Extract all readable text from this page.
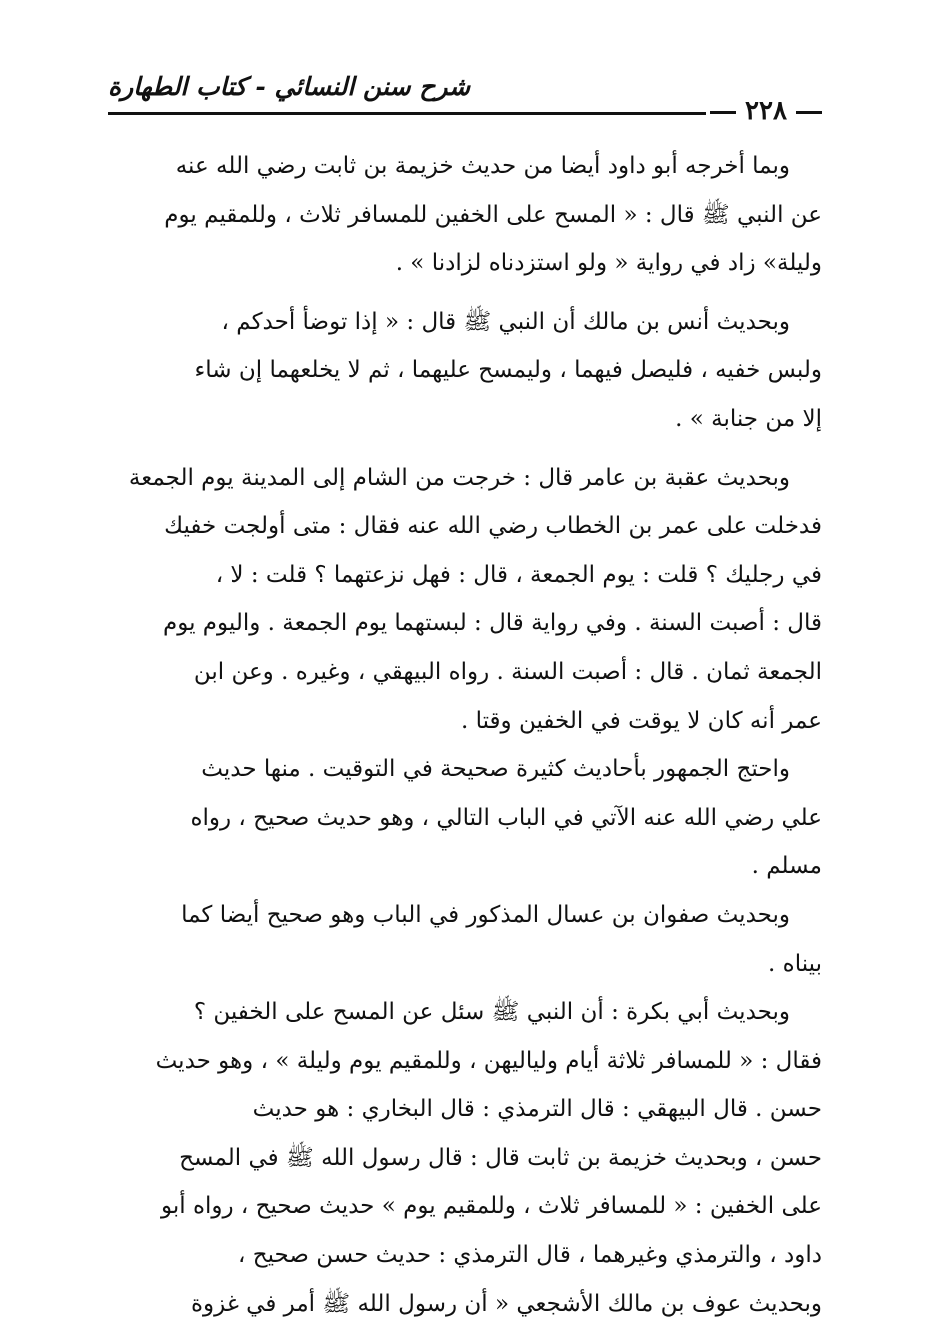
شرح سنن النسائي - كتاب الطهارة
٢٢٨

وبما أخرجه أبو داود أيضا من حديث خزيمة بن ثابت رضي الله عنه
عن النبي ﷺ قال : « المسح على الخفين للمسافر ثلاث ، وللمقيم يوم
وليلة» زاد في رواية « ولو استزدناه لزادنا » .

وبحديث أنس بن مالك أن النبي ﷺ قال : « إذا توضأ أحدكم ،
ولبس خفيه ، فليصل فيهما ، وليمسح عليهما ، ثم لا يخلعهما إن شاء
إلا من جنابة » .

وبحديث عقبة بن عامر قال : خرجت من الشام إلى المدينة يوم الجمعة
فدخلت على عمر بن الخطاب رضي الله عنه فقال : متى أولجت خفيك
في رجليك ؟ قلت : يوم الجمعة ، قال : فهل نزعتهما ؟ قلت : لا ،
قال : أصبت السنة . وفي رواية قال : لبستهما يوم الجمعة . واليوم يوم
الجمعة ثمان . قال : أصبت السنة . رواه البيهقي ، وغيره . وعن ابن
عمر أنه كان لا يوقت في الخفين وقتا .

واحتج الجمهور بأحاديث كثيرة صحيحة في التوقيت . منها حديث
علي رضي الله عنه الآتي في الباب التالي ، وهو حديث صحيح ، رواه
مسلم .

وبحديث صفوان بن عسال المذكور في الباب وهو صحيح أيضا كما
بيناه .

وبحديث أبي بكرة : أن النبي ﷺ سئل عن المسح على الخفين ؟
فقال : « للمسافر ثلاثة أيام ولياليهن ، وللمقيم يوم وليلة » ، وهو حديث
حسن . قال البيهقي : قال الترمذي : قال البخاري : هو حديث
حسن ، وبحديث خزيمة بن ثابت قال : قال رسول الله ﷺ في المسح
على الخفين : « للمسافر ثلاث ، وللمقيم يوم » حديث صحيح ، رواه أبو
داود ، والترمذي وغيرهما ، قال الترمذي : حديث حسن صحيح ،
وبحديث عوف بن مالك الأشجعي « أن رسول الله ﷺ أمر في غزوة
